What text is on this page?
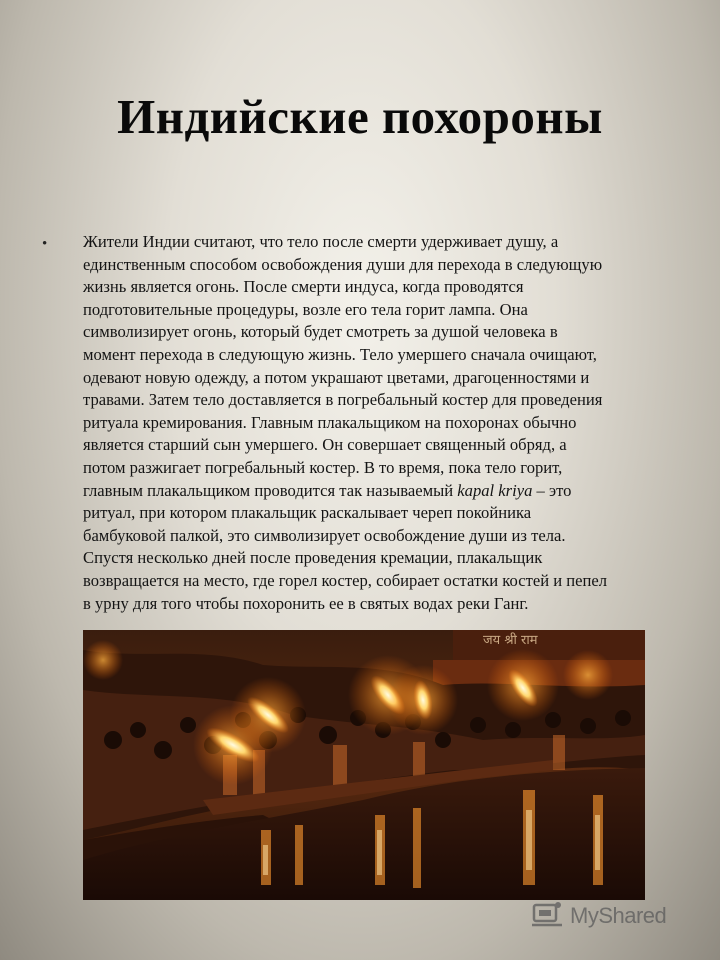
Индийские похороны
• Жители Индии считают, что тело после смерти удерживает душу, а
единственным способом освобождения души для перехода в следующую
жизнь является огонь. После смерти индуса, когда проводятся
подготовительные процедуры, возле его тела горит лампа. Она
символизирует огонь, который будет смотреть за душой человека в
момент перехода в следующую жизнь. Тело умершего сначала очищают,
одевают новую одежду, а потом украшают цветами, драгоценностями и
травами. Затем тело доставляется в погребальный костер для проведения
ритуала кремирования. Главным плакальщиком на похоронах обычно
является старший сын умершего. Он совершает священный обряд, а
потом разжигает погребальный костер. В то время, пока тело горит,
главным плакальщиком проводится так называемый kapal kriya – это
ритуал, при котором плакальщик раскалывает череп покойника
бамбуковой палкой, это символизирует освобождение души из тела.
Спустя несколько дней после проведения кремации, плакальщик
возвращается на место, где горел костер, собирает остатки костей и пепел
в урну для того чтобы похоронить ее в святых водах реки Ганг.
जय श्री राम
MyShared
